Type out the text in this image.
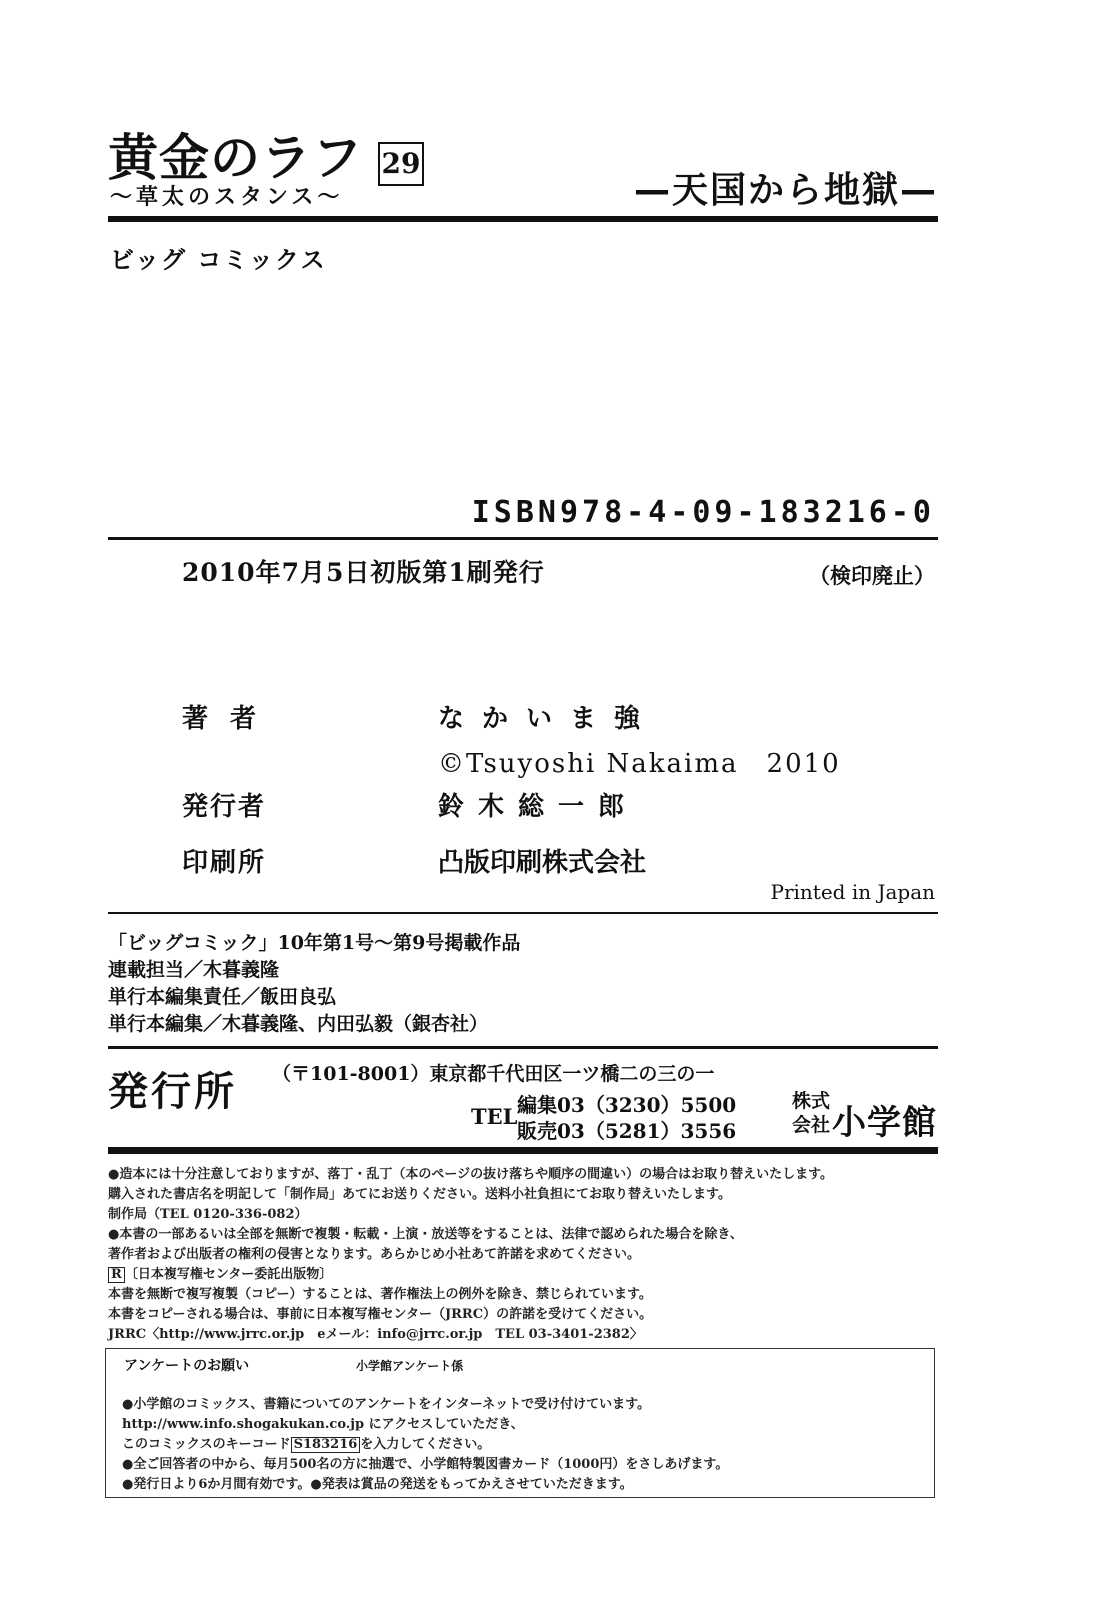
黄金のラフ 29
〜草太のスタンス〜	—天国から地獄—
ビッグ コミックス
ISBN978-4-09-183216-0
2010年7月5日初版第1刷発行	（検印廃止）
著者	なかいま強
©Tsuyoshi Nakaima　2010
発行者	鈴木総一郎
印刷所	凸版印刷株式会社
Printed in Japan
「ビッグコミック」10年第1号〜第9号掲載作品
連載担当／木暮義隆
単行本編集責任／飯田良弘
単行本編集／木暮義隆、内田弘毅（銀杏社）
発行所 （〒101-8001）東京都千代田区一ツ橋二の三の一
TEL 編集03（3230）5500
販売03（5281）3556
株式会社 小学館
●造本には十分注意しておりますが、落丁・乱丁（本のページの抜け落ちや順序の間違い）の場合はお取り替えいたします。
購入された書店名を明記して「制作局」あてにお送りください。送料小社負担にてお取り替えいたします。
制作局（TEL 0120-336-082）
●本書の一部あるいは全部を無断で複製・転載・上演・放送等をすることは、法律で認められた場合を除き、
著作者および出版者の権利の侵害となります。あらかじめ小社あて許諾を求めてください。
R 〔日本複写権センター委託出版物〕
本書を無断で複写複製（コピー）することは、著作権法上の例外を除き、禁じられています。
本書をコピーされる場合は、事前に日本複写権センター（JRRC）の許諾を受けてください。
JRRC〈http://www.jrrc.or.jp　eメール：info@jrrc.or.jp　TEL 03-3401-2382〉
アンケートのお願い	小学館アンケート係
●小学館のコミックス、書籍についてのアンケートをインターネットで受け付けています。
http://www.info.shogakukan.co.jp にアクセスしていただき、
このコミックスのキーコード S183216 を入力してください。
●全ご回答者の中から、毎月500名の方に抽選で、小学館特製図書カード（1000円）をさしあげます。
●発行日より6か月間有効です。●発表は賞品の発送をもってかえさせていただきます。
